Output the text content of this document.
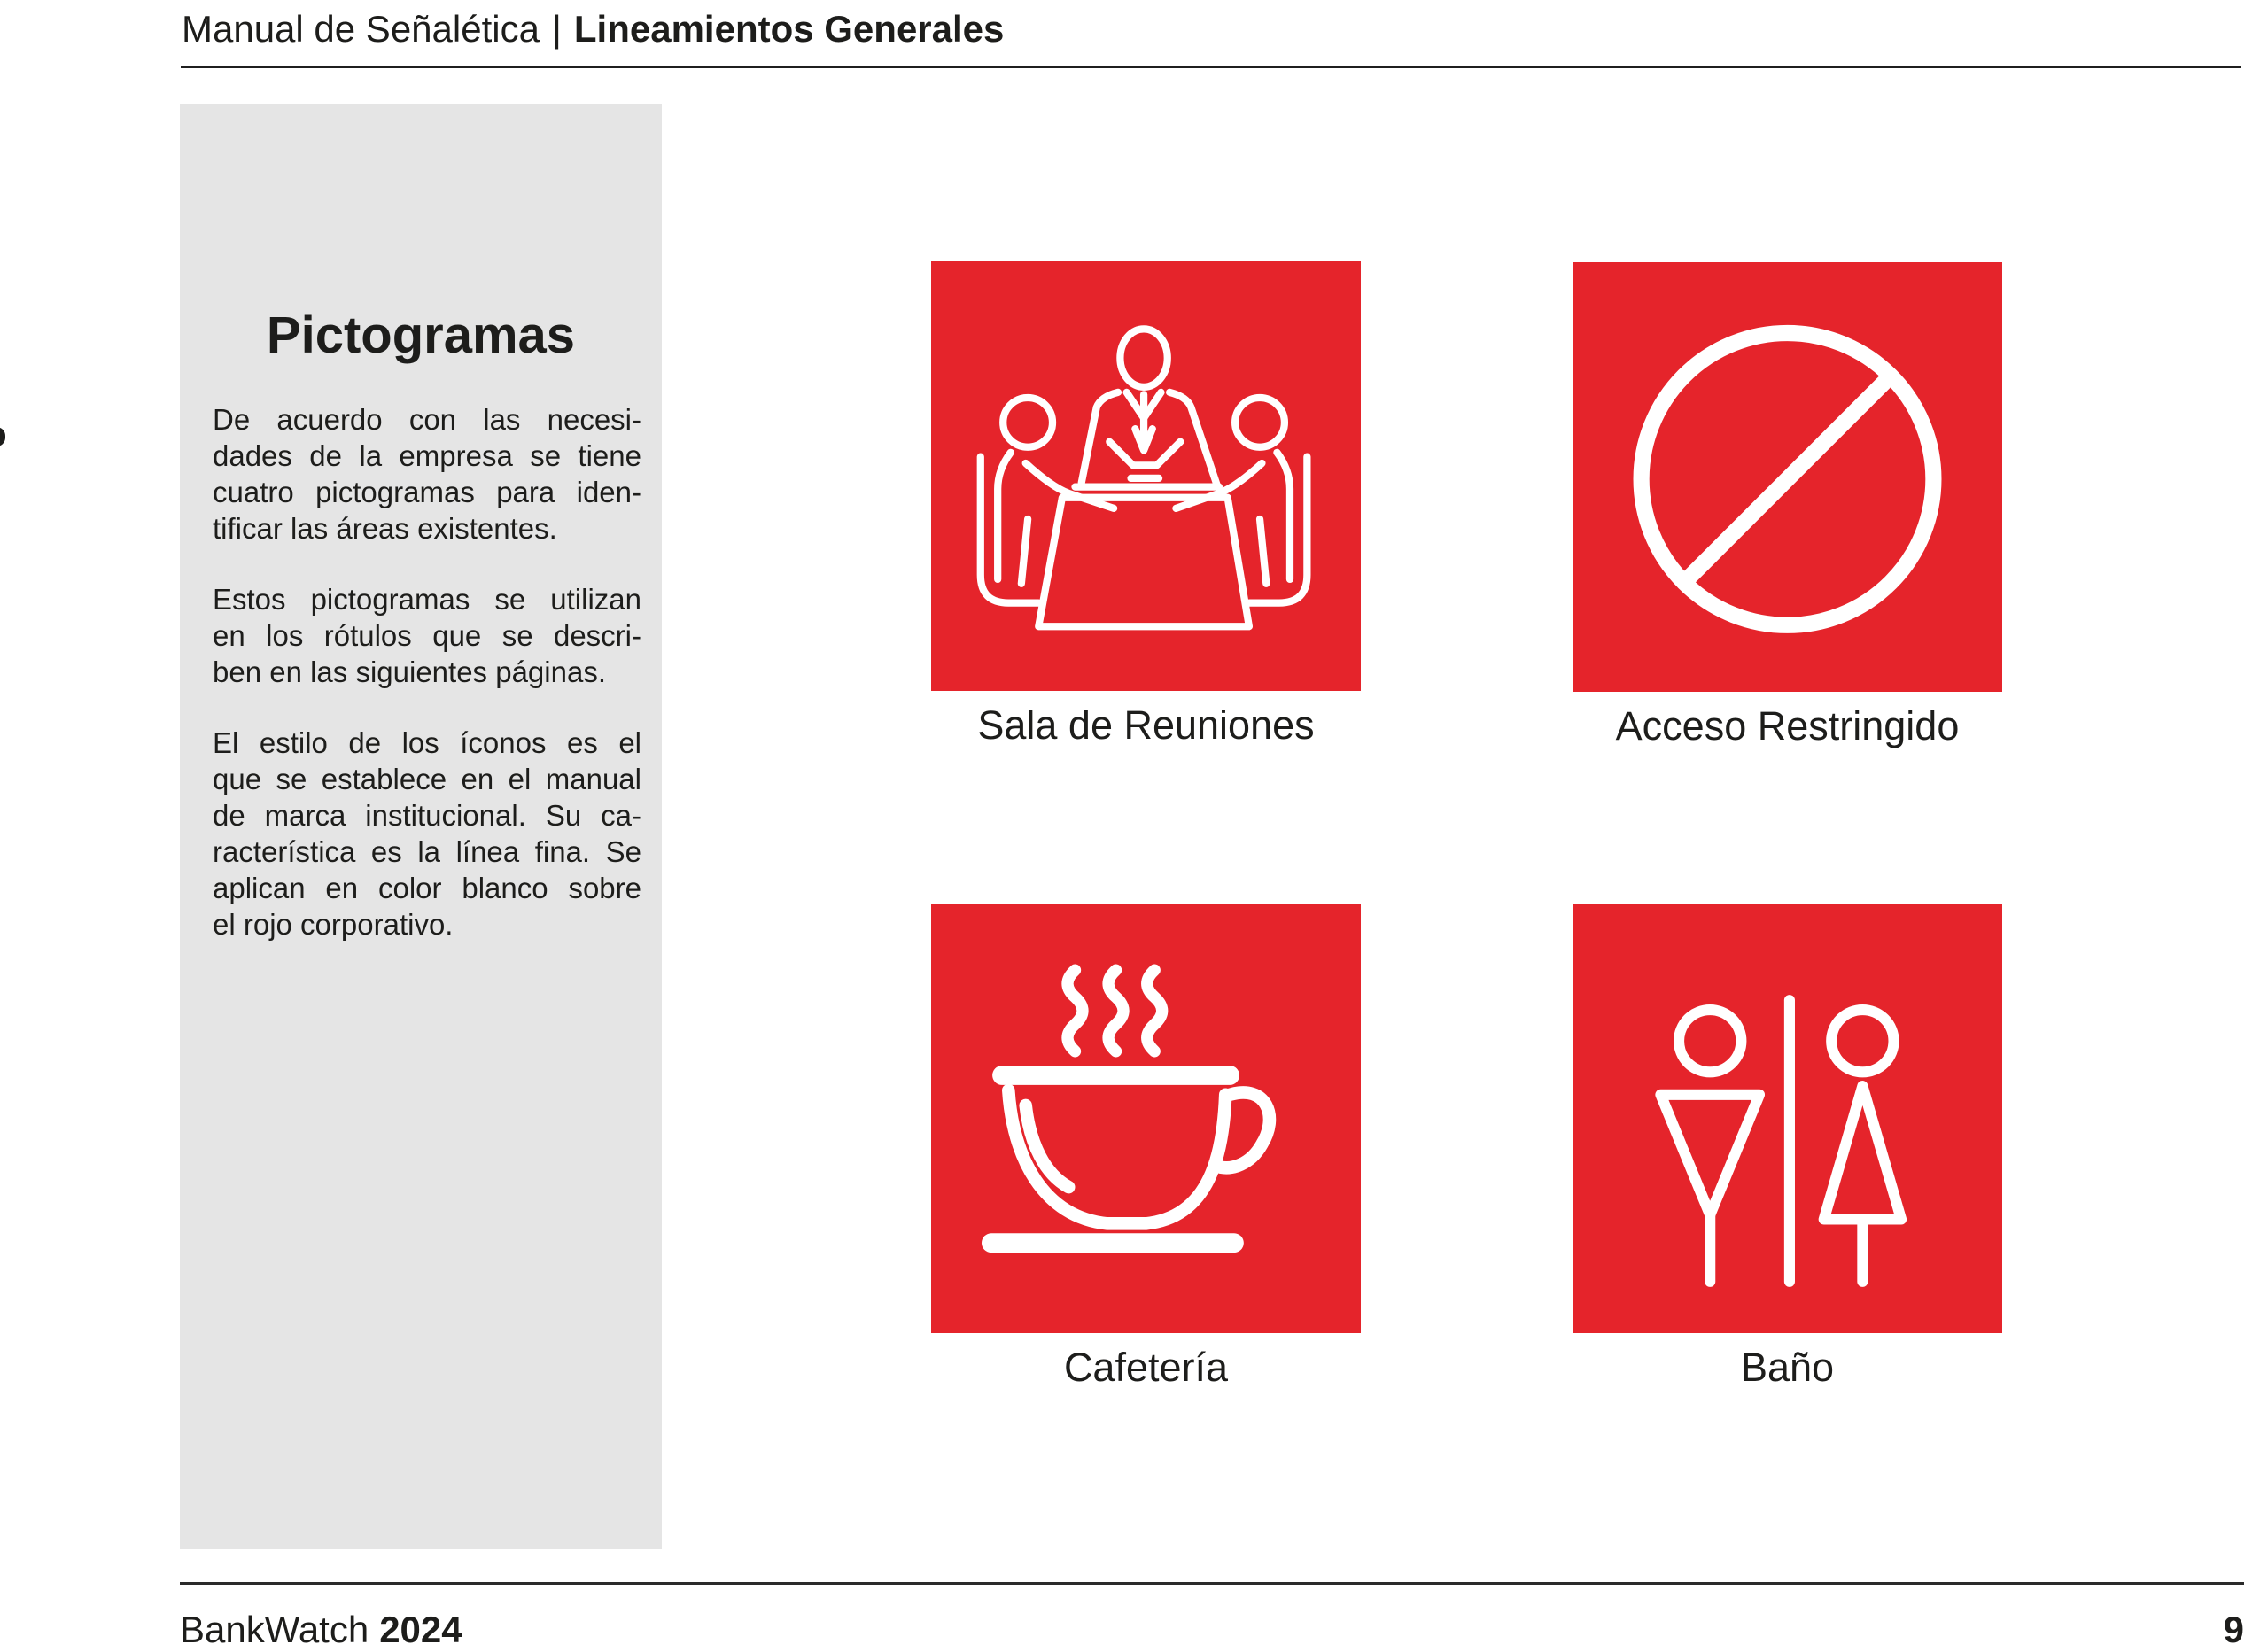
Manual de Señalética | Lineamientos Generales
Pictogramas
De acuerdo con las necesi-
dades de la empresa se tiene
cuatro pictogramas para iden-
tificar las áreas existentes.
Estos pictogramas se utilizan
en los rótulos que se descri-
ben en las siguientes páginas.
El estilo de los íconos es el
que se establece en el manual
de marca institucional. Su ca-
racterística es la línea fina. Se
aplican en color blanco sobre
el rojo corporativo.
Sala de Reuniones	Acceso Restringido
Cafetería	Baño
BankWatch 2024	9
